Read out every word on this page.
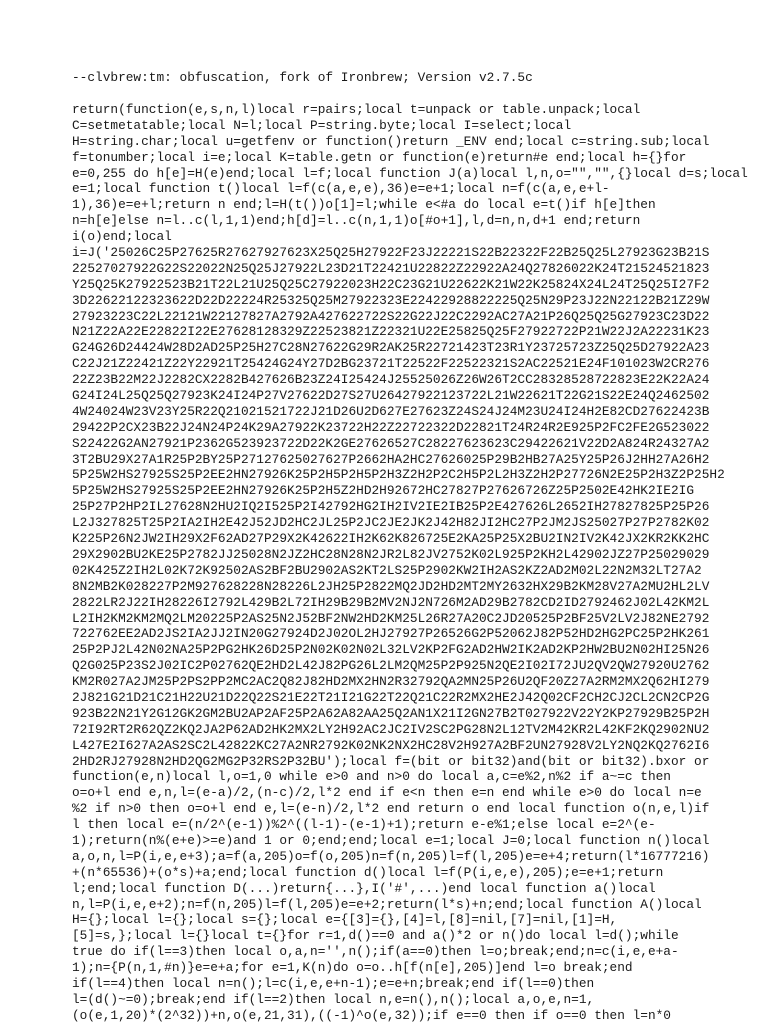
--clvbrew:tm: obfuscation, fork of Ironbrew; Version v2.7.5c
return(function(e,s,n,l)local r=pairs;local t=unpack or table.unpack;local
C=setmetatable;local N=l;local P=string.byte;local I=select;local
H=string.char;local u=getfenv or function()return _ENV end;local c=string.sub;local
f=tonumber;local i=e;local K=table.getn or function(e)return#e end;local h={}for
e=0,255 do h[e]=H(e)end;local l=f;local function J(a)local l,n,o="","",{}local d=s;local
e=1;local function t()local l=f(c(a,e,e),36)e=e+1;local n=f(c(a,e,e+l-
1),36)e=e+l;return n end;l=H(t())o[1]=l;while e<#a do local e=t()if h[e]then
n=h[e]else n=l..c(l,1,1)end;h[d]=l..c(n,1,1)o[#o+1],l,d=n,n,d+1 end;return
i(o)end;local
i=J('25026C25P27625R27627927623X25Q25H27922F23J22221S22B22322F22B25Q25L27923G23B21S
22527027922G22S22022N25Q25J27922L23D21T22421U22822Z22922A24Q27826022K24T21524521823
Y25Q25K27922523B21T22L21U25Q25C27922023H22C23G21U22622K21W22K25824X24L24T25Q25I27F2
3D22622122323622D22D22224R25325Q25M27922323E22422928822225Q25N29P23J22N22122B21Z29W
27923223C22L22121W22127827A2792A427622722S22G22J22C2292AC27A21P26Q25Q25G27923C23D22
N21Z22A22E22822I22E27628128329Z22523821Z22321U22E25825Q25F27922722P21W22J2A22231K23
G24G26D24424W28D2AD25P25H27C28N27622G29R2AK25R22721423T23R1Y23725723Z25Q25D27922A23
C22J21Z22421Z22Y22921T25424G24Y27D2BG23721T22522F22522321S2AC22521E24F101023W2CR276
22Z23B22M22J2282CX2282B427626B23Z24I25424J25525026Z26W26T2CC28328528722823E22K22A24
G24I24L25Q25Q27923K24I24P27V27622D27S27U26427922123722L21W22621T22G21S22E24Q2462502
4W24024W23V23Y25R22Q21021521722J21D26U2D627E27623Z24S24J24M23U24I24H2E82CD27622423B
29422P2CX23B22J24N24P24K29A27922K23722H22Z22722322D22821T24R24R2E925P2FC2FE2G523022
S22422G2AN27921P2362G523923722D22K2GE27626527C28227623623C29422621V22D2A824R24327A2
3T2BU29X27A1R25P2BY25P27127625027627P2662HA2HC27626025P29B2HB27A25Y25P26J2HH27A26H2
5P25W2HS27925S25P2EE2HN27926K25P2H5P2H5P2H3Z2H2P2C2H5P2L2H3Z2H2P27726N2E25P2H3Z2P25H2
5P25W2HS27925S25P2EE2HN27926K25P2H5Z2HD2H92672HC27827P27626726Z25P2502E42HK2IE2IG
25P27P2HP2IL27628N2HU2IQ2I525P2I42792HG2IH2IV2IE2IB25P2E427626L2652IH27827825P25P26
L2J327825T25P2IA2IH2E42J52JD2HC2JL25P2JC2JE2JK2J42H82JI2HC27P2JM2JS25027P27P2782K02
K225P26N2JW2IH29X2F62AD27P29X2K42622IH2K62K826725E2KA25P25X2BU2IN2IV2K42JX2KR2KK2HC
29X2902BU2KE25P2782JJ25028N2JZ2HC28N28N2JR2L82JV2752K02L925P2KH2L42902JZ27P25029029
02K425Z2IH2L02K72K92502AS2BF2BU2902AS2KT2LS25P2902KW2IH2AS2KZ2AD2M02L22N2M32LT27A2
8N2MB2K028227P2M927628228N28226L2JH25P2822MQ2JD2HD2MT2MY2632HX29B2KM28V27A2MU2HL2LV
2822LR2J22IH28226I2792L429B2L72IH29B29B2MV2NJ2N726M2AD29B2782CD2ID2792462J02L42KM2L
L2IH2KM2KM2MQ2LM20225P2AS25N2J52BF2NW2HD2KM25L26R27A20C2JD20525P2BF25V2LV2J82NE2792
722762EE2AD2JS2IA2JJ2IN20G27924D2J02OL2HJ27927P26526G2P52062J82P52HD2HG2PC25P2HK261
25P2PJ2L42N02NA25P2PG2HK26D25P2N02K02N02L32LV2KP2FG2AD2HW2IK2AD2KP2HW2BU2N02HI25N26
Q2G025P23S2J02IC2P02762QE2HD2L42J82PG26L2LM2QM25P2P925N2QE2I02I72JU2QV2QW27920U2762
KM2R027A2JM25P2PS2PP2MC2AC2Q82J82HD2MX2HN2R32792QA2MN25P26U2QF20Z27A2RM2MX2Q62HI279
2J821G21D21C21H22U21D22Q22S21E22T21I21G22T22Q21C22R2MX2HE2J42Q02CF2CH2CJ2CL2CN2CP2G
923B22N21Y2G12GK2GM2BU2AP2AF25P2A62A82AA25Q2AN1X21I2GN27B2T027922V22Y2KP27929B25P2H
72I92RT2R62QZ2KQ2JA2P62AD2HK2MX2LY2H92AC2JC2IV2SC2PG28N2L12TV2M42KR2L42KF2KQ2902NU2
L427E2I627A2AS2SC2L42822KC27A2NR2792K02NK2NX2HC28V2H927A2BF2UN27928V2LY2NQ2KQ2762I6
2HD2RJ27928N2HD2QG2MG2P32RS2P32BU');local f=(bit or bit32)and(bit or bit32).bxor or
function(e,n)local l,o=1,0 while e>0 and n>0 do local a,c=e%2,n%2 if a~=c then
o=o+l end e,n,l=(e-a)/2,(n-c)/2,l*2 end if e<n then e=n end while e>0 do local n=e
%2 if n>0 then o=o+l end e,l=(e-n)/2,l*2 end return o end local function o(n,e,l)if
l then local e=(n/2^(e-1))%2^((l-1)-(e-1)+1);return e-e%1;else local e=2^(e-
1);return(n%(e+e)>=e)and 1 or 0;end;end;local e=1;local J=0;local function n()local
a,o,n,l=P(i,e,e+3);a=f(a,205)o=f(o,205)n=f(n,205)l=f(l,205)e=e+4;return(l*16777216)
+(n*65536)+(o*s)+a;end;local function d()local l=f(P(i,e,e),205);e=e+1;return
l;end;local function D(...)return{...},I('#',...)end local function a()local
n,l=P(i,e,e+2);n=f(n,205)l=f(l,205)e=e+2;return(l*s)+n;end;local function A()local
H={};local l={};local s={};local e={[3]={},[4]=l,[8]=nil,[7]=nil,[1]=H,
[5]=s,};local l={}local t={}for r=1,d()==0 and a()*2 or n()do local l=d();while
true do if(l==3)then local o,a,n='',n();if(a==0)then l=o;break;end;n=c(i,e,e+a-
1);n={P(n,1,#n)}e=e+a;for e=1,K(n)do o=o..h[f(n[e],205)]end l=o break;end
if(l==4)then local n=n();l=c(i,e,e+n-1);e=e+n;break;end if(l==0)then
l=(d()~=0);break;end if(l==2)then local n,e=n(),n();local a,o,e,n=1,
(o(e,1,20)*(2^32))+n,o(e,21,31),((-1)^o(e,32));if e==0 then if o==0 then l=n*0
